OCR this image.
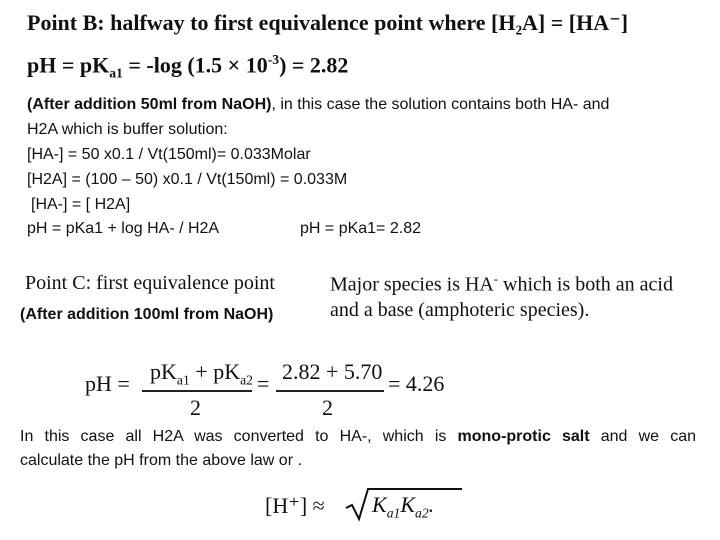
Point B: halfway to first equivalence point where [H₂A] = [HA⁻]
pH = $pK_{a1} = -\log$ $(1.5 \times 10^{-3}) = 2.82$
(After addition 50ml from NaOH), in this case the solution contains both HA- and
H2A which is buffer solution:
[HA-] = 50 x0.1 / Vt(150ml)= 0.033Molar
[H2A] = (100 – 50) x0.1 / Vt(150ml) = 0.033M
[HA-] = [ H2A]
pH = pKa1 + log HA- / H2A	pH = pKa1= 2.82
Point C: first equivalence point	Major species is HA- which is both an acid
and a base (amphoteric species).
(After addition 100ml from NaOH)
pH = $pK_{a1} + pK_{a2}$
2
= 2.82 + 5.70
2
= 4.26
In this case all H2A was converted to HA-, which is mono-protic salt and we can
calculate the pH from the above law or .
$[H^+] \approx K_{a1}K_{a2}$.
